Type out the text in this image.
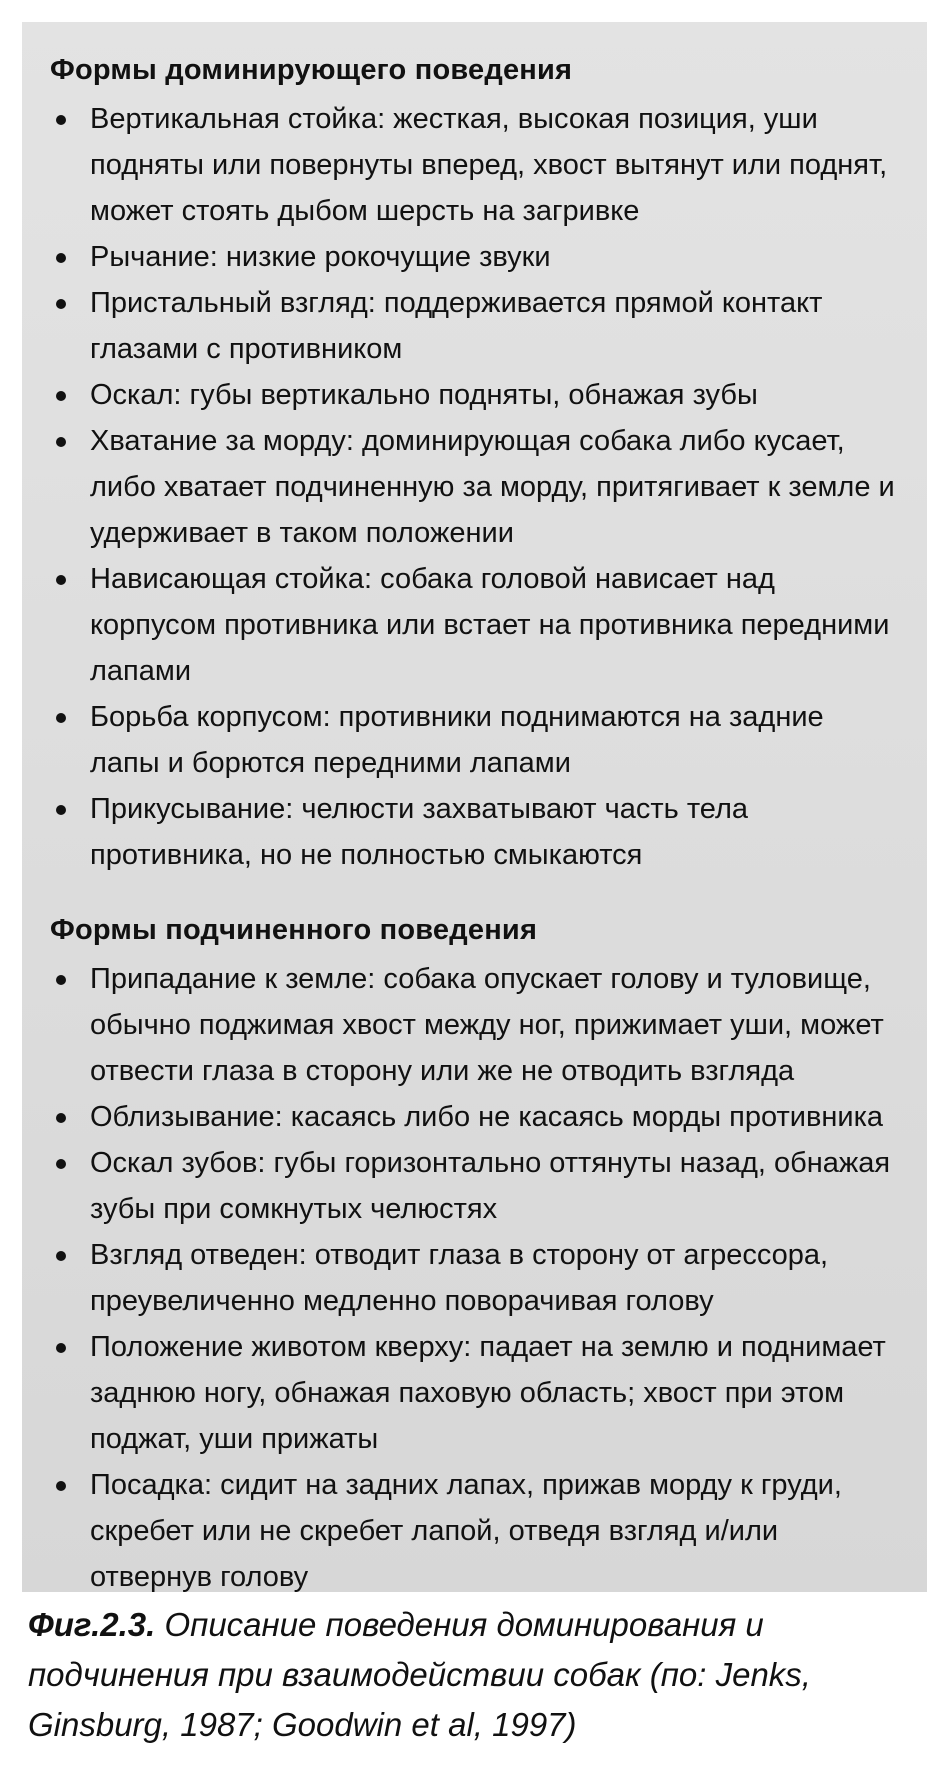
Формы доминирующего поведения
Вертикальная стойка: жесткая, высокая позиция, уши подняты или повернуты вперед, хвост вытянут или поднят, может стоять дыбом шерсть на загривке
Рычание: низкие рокочущие звуки
Пристальный взгляд: поддерживается прямой контакт глазами с противником
Оскал: губы вертикально подняты, обнажая зубы
Хватание за морду: доминирующая собака либо кусает, либо хватает подчиненную за морду, притягивает к земле и удерживает в таком положении
Нависающая стойка: собака головой нависает над корпусом противника или встает на противника передними лапами
Борьба корпусом: противники поднимаются на задние лапы и борются передними лапами
Прикусывание: челюсти захватывают часть тела противника, но не полностью смыкаются
Формы подчиненного поведения
Припадание к земле: собака опускает голову и туловище, обычно поджимая хвост между ног, прижимает уши, может отвести глаза в сторону или же не отводить взгляда
Облизывание: касаясь либо не касаясь морды противника
Оскал зубов: губы горизонтально оттянуты назад, обнажая зубы при сомкнутых челюстях
Взгляд отведен: отводит глаза в сторону от агрессора, преувеличенно медленно поворачивая голову
Положение животом кверху: падает на землю и поднимает заднюю ногу, обнажая паховую область; хвост при этом поджат, уши прижаты
Посадка: сидит на задних лапах, прижав морду к груди, скребет или не скребет лапой, отведя взгляд и/или отвернув голову
Фиг.2.3. Описание поведения доминирования и подчинения при взаимодействии собак (по: Jenks, Ginsburg, 1987; Goodwin et al, 1997)
